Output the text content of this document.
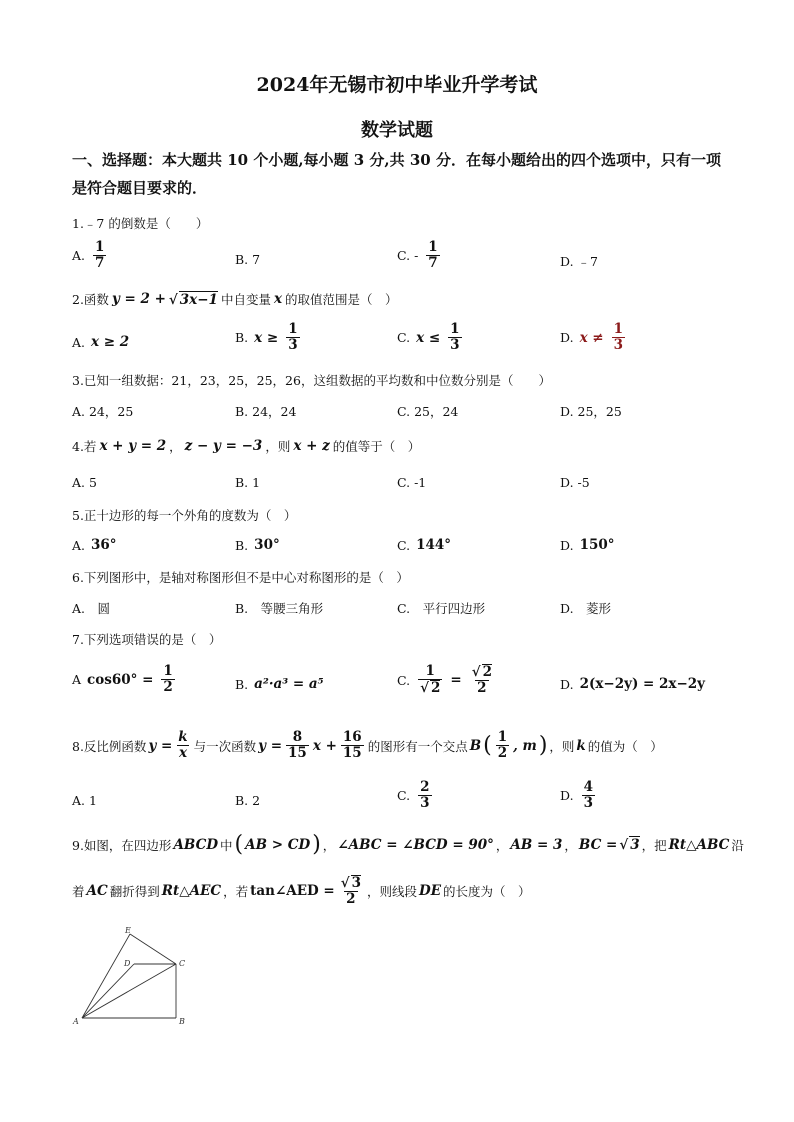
2024年无锡市初中毕业升学考试
数学试题
一、选择题：本大题共 10 个小题,每小题 3 分,共 30 分．在每小题给出的四个选项中，只有一项是符合题目要求的．
1.﹣7 的倒数是（　　）
A. $\frac{1}{7}$	B. 7	C. - $\frac{1}{7}$	D. ﹣7
2.函数 y = 2 + √ 3x−1 中自变量 x 的取值范围是（　）
A. x ≥ 2	B. $x \ge \frac{1}{3}$	C. $x \le \frac{1}{3}$	D. $x \ne \frac{1}{3}$
3.已知一组数据：21，23，25，25，26，这组数据的平均数和中位数分别是（　　）
A. 24，25	B. 24，24	C. 25，24	D. 25，25
4.若 x + y = 2 ， z − y = −3 ，则 x + z 的值等于（　）
A. 5	B. 1	C. -1	D. -5
5.正十边形的每一个外角的度数为（　）
A. 36°	B. 30°	C. 144°	D. 150°
6.下列图形中，是轴对称图形但不是中心对称图形的是（　）
A.　圆	B.　等腰三角形	C.　平行四边形	D.　菱形
7.下列选项错误的是（　）
A $\cos 60^\circ = \frac{1}{2}$	B. a²·a³ = a⁵	C. $\frac{1}{√ 2} = \frac{√ 2}{2}$	D. 2(x−2y) = 2x−2y
8.反比例函数 $y = \frac{k}{x}$ 与一次函数 $y = \frac{8}{15}$ $x + \frac{16}{15}$ 的图形有一个交点 B ( $\frac{1}{2}$ , m ) ，则 k 的值为（　）
A. 1	B. 2	C. $\frac{2}{3}$	D. $\frac{4}{3}$
9.如图，在四边形 ABCD 中 ( AB > CD ) ， ∠ABC = ∠BCD = 90° ， AB = 3 ， BC = √ 3 ，把 Rt△ABC 沿
着 AC 翻折得到 Rt△AEC ，若 tan∠AED = $\frac{√ 3}{2}$ ，则线段 DE 的长度为（　）
E
D	C
A	B
